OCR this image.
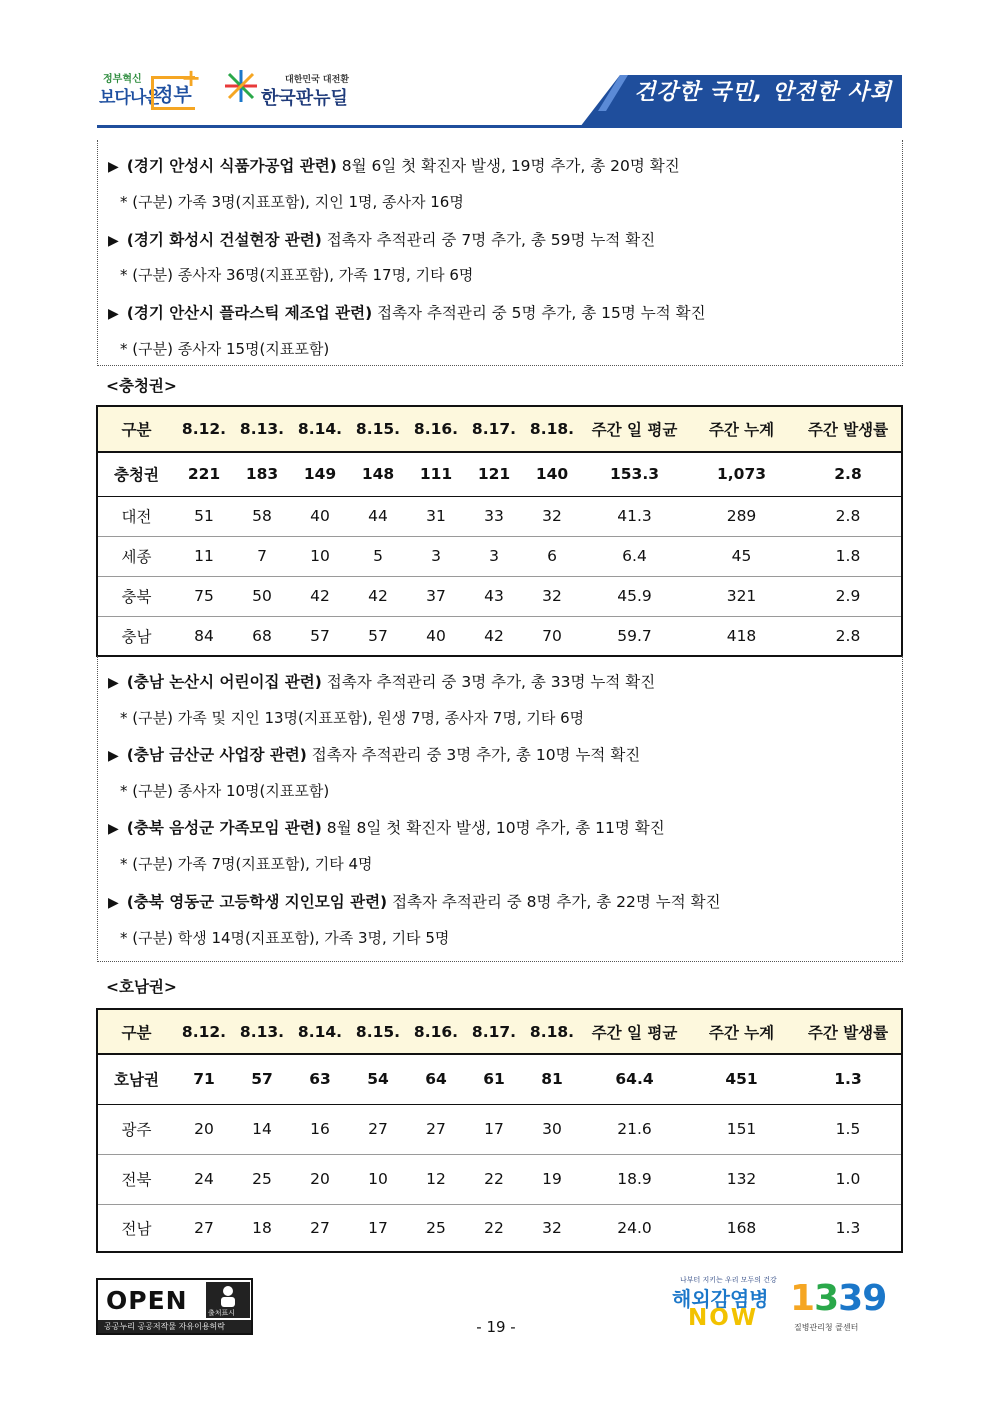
정부혁신
보다나은
정부
+	대한민국 대전환
한국판뉴딜	건강한 국민, 안전한 사회
▶ (경기 안성시 식품가공업 관련) 8월 6일 첫 확진자 발생, 19명 추가, 총 20명 확진
* (구분) 가족 3명(지표포함), 지인 1명, 종사자 16명
▶ (경기 화성시 건설현장 관련) 접촉자 추적관리 중 7명 추가, 총 59명 누적 확진
* (구분) 종사자 36명(지표포함), 가족 17명, 기타 6명
▶ (경기 안산시 플라스틱 제조업 관련) 접촉자 추적관리 중 5명 추가, 총 15명 누적 확진
* (구분) 종사자 15명(지표포함)
<충청권>
구분	8.12.	8.13.	8.14.	8.15.	8.16.	8.17.	8.18.	주간 일 평균	주간 누계	주간 발생률
충청권	221	183	149	148	111	121	140	153.3	1,073	2.8
대전	51	58	40	44	31	33	32	41.3	289	2.8
세종	11	7	10	5	3	3	6	6.4	45	1.8
충북	75	50	42	42	37	43	32	45.9	321	2.9
충남	84	68	57	57	40	42	70	59.7	418	2.8
▶ (충남 논산시 어린이집 관련) 접촉자 추적관리 중 3명 추가, 총 33명 누적 확진
* (구분) 가족 및 지인 13명(지표포함), 원생 7명, 종사자 7명, 기타 6명
▶ (충남 금산군 사업장 관련) 접촉자 추적관리 중 3명 추가, 총 10명 누적 확진
* (구분) 종사자 10명(지표포함)
▶ (충북 음성군 가족모임 관련) 8월 8일 첫 확진자 발생, 10명 추가, 총 11명 확진
* (구분) 가족 7명(지표포함), 기타 4명
▶ (충북 영동군 고등학생 지인모임 관련) 접촉자 추적관리 중 8명 추가, 총 22명 누적 확진
* (구분) 학생 14명(지표포함), 가족 3명, 기타 5명
<호남권>
구분	8.12.	8.13.	8.14.	8.15.	8.16.	8.17.	8.18.	주간 일 평균	주간 누계	주간 발생률
호남권	71	57	63	54	64	61	81	64.4	451	1.3
광주	20	14	16	27	27	17	30	21.6	151	1.5
전북	24	25	20	10	12	22	19	18.9	132	1.0
전남	27	18	27	17	25	22	32	24.0	168	1.3
OPEN	출처표시
공공누리 공공저작물 자유이용허락	- 19 -
나부터 지키는 우리 모두의 건강
해외감염병
NOW 1339
질병관리청 콜센터
